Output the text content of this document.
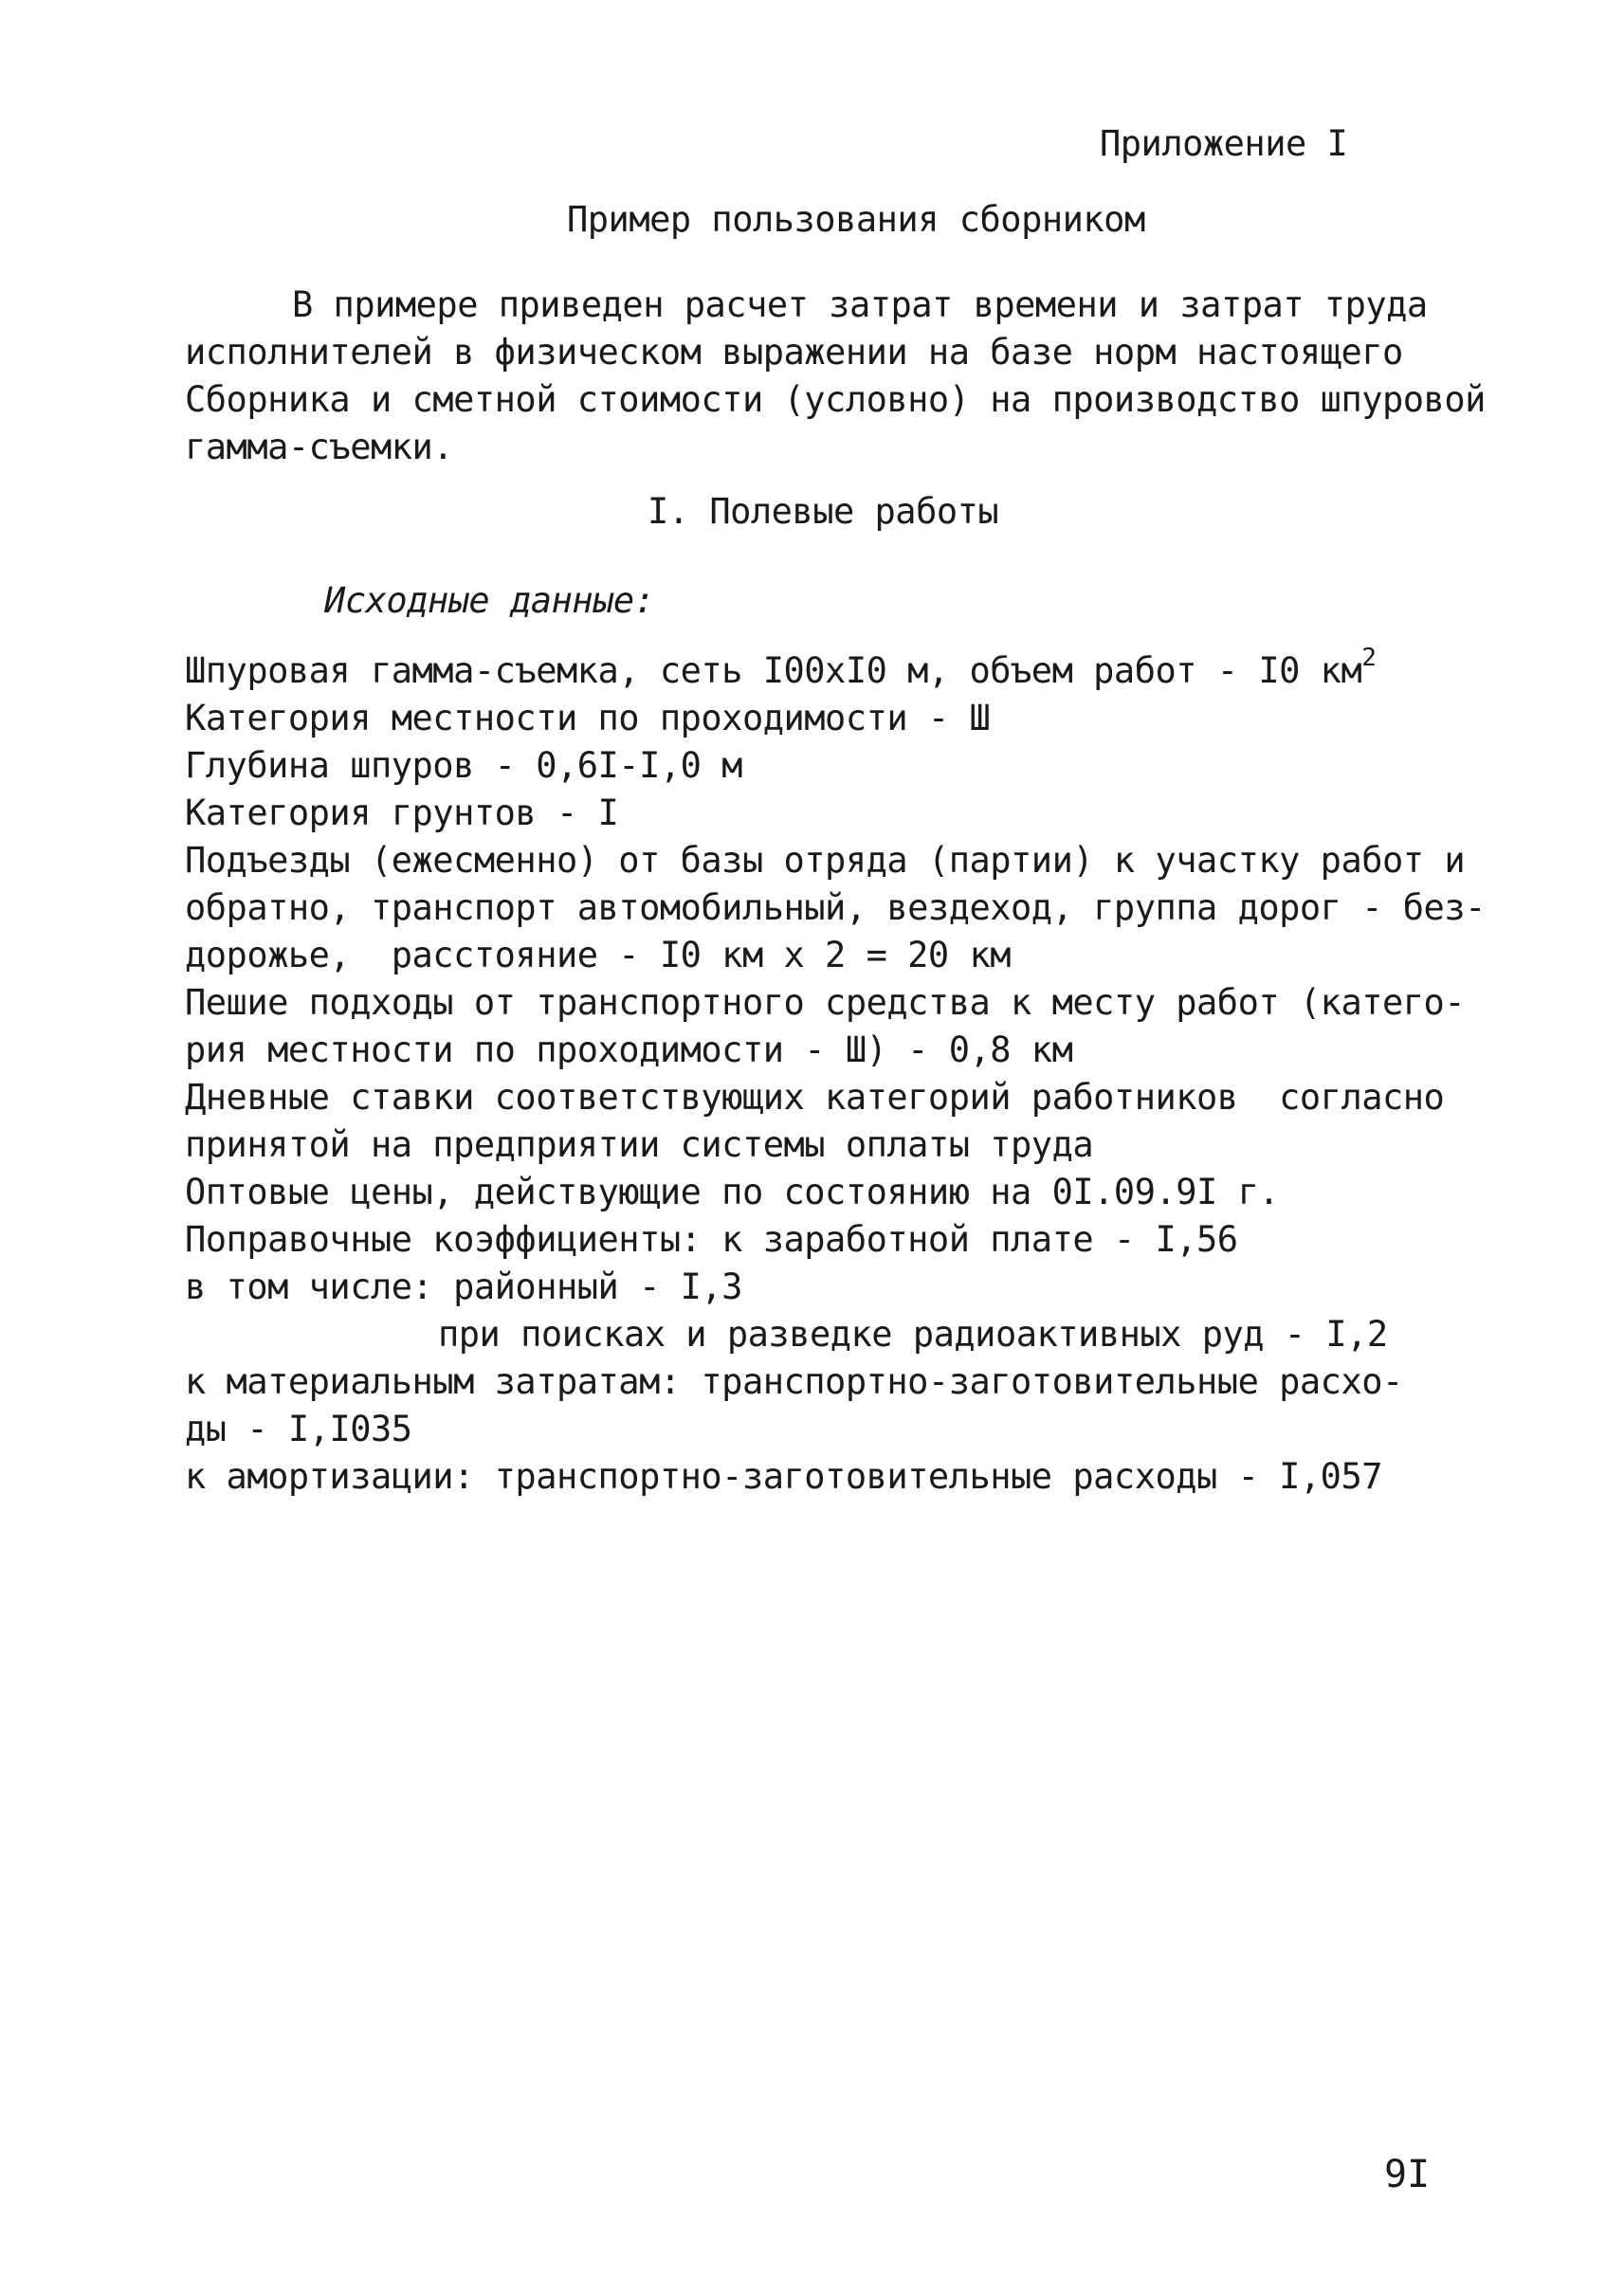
Приложение I
Пример пользования сборником
В примере приведен расчет затрат времени и затрат труда
исполнителей в физическом выражении на базе норм настоящего
Сборника и сметной стоимости (условно) на производство шпуровой
гамма-съемки.
I. Полевые работы
Исходные данные:
Шпуровая гамма-съемка, сеть I00хI0 м, объем работ - I0 $км^2$
Категория местности по проходимости - Ш
Глубина шпуров - 0,6I-I,0 м
Категория грунтов - I
Подъезды (ежесменно) от базы отряда (партии) к участку работ и
обратно, транспорт автомобильный, вездеход, группа дорог - без-
дорожье,  расстояние - I0 км х 2 = 20 км
Пешие подходы от транспортного средства к месту работ (катего-
рия местности по проходимости - Ш) - 0,8 км
Дневные ставки соответствующих категорий работников  согласно
принятой на предприятии системы оплаты труда
Оптовые цены, действующие по состоянию на 0I.09.9I г.
Поправочные коэффициенты: к заработной плате - I,56
в том числе: районный - I,3
при поисках и разведке радиоактивных руд - I,2
к материальным затратам: транспортно-заготовительные расхо-
ды - I,I035
к амортизации: транспортно-заготовительные расходы - I,057
9I
